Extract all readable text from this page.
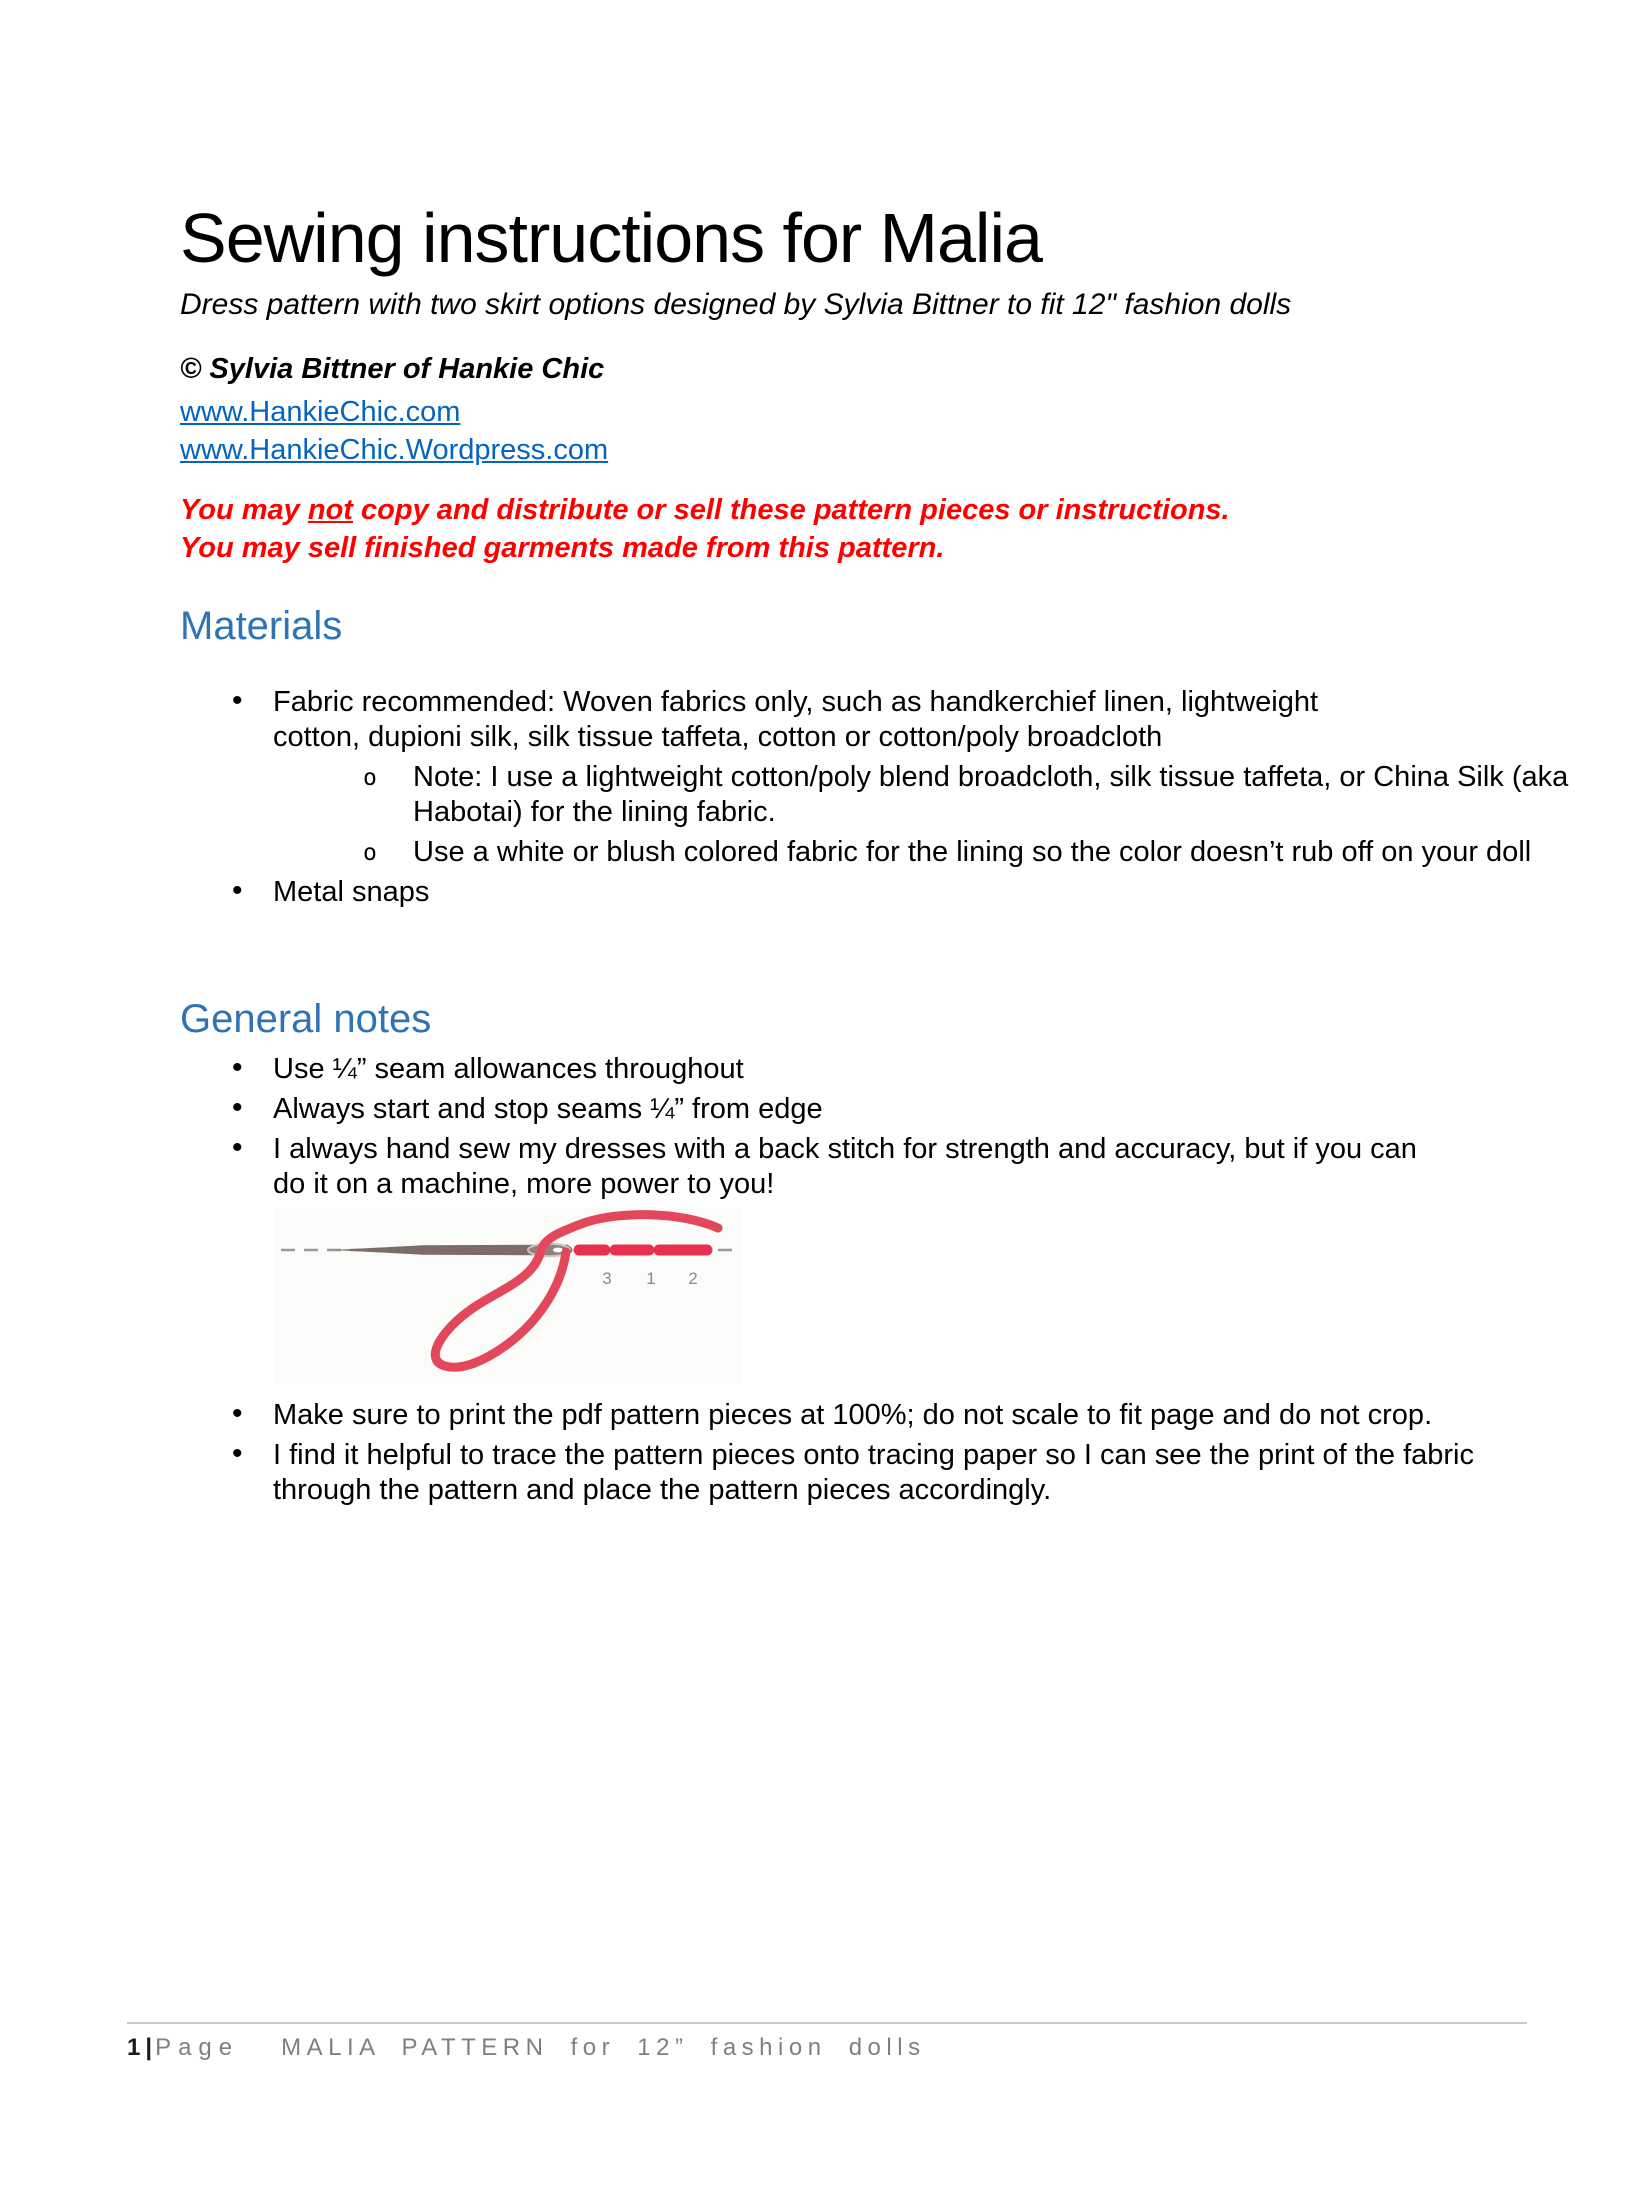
Sewing instructions for Malia
Dress pattern with two skirt options designed by Sylvia Bittner to fit 12" fashion dolls

© Sylvia Bittner of Hankie Chic

www.HankieChic.com
www.HankieChic.Wordpress.com
You may not copy and distribute or sell these pattern pieces or instructions.
You may sell finished garments made from this pattern.
Materials
• Fabric recommended: Woven fabrics only, such as handkerchief linen, lightweight cotton, dupioni silk, silk tissue taffeta, cotton or cotton/poly broadcloth
o Note: I use a lightweight cotton/poly blend broadcloth, silk tissue taffeta, or China Silk (aka Habotai) for the lining fabric.
o Use a white or blush colored fabric for the lining so the color doesn’t rub off on your doll
• Metal snaps
General notes
• Use ¼” seam allowances throughout
• Always start and stop seams ¼” from edge
• I always hand sew my dresses with a back stitch for strength and accuracy, but if you can do it on a machine, more power to you!
3 1 2
• Make sure to print the pdf pattern pieces at 100%; do not scale to fit page and do not crop.
• I find it helpful to trace the pattern pieces onto tracing paper so I can see the print of the fabric through the pattern and place the pattern pieces accordingly.
1 | Page MALIA PATTERN for 12” fashion dolls
